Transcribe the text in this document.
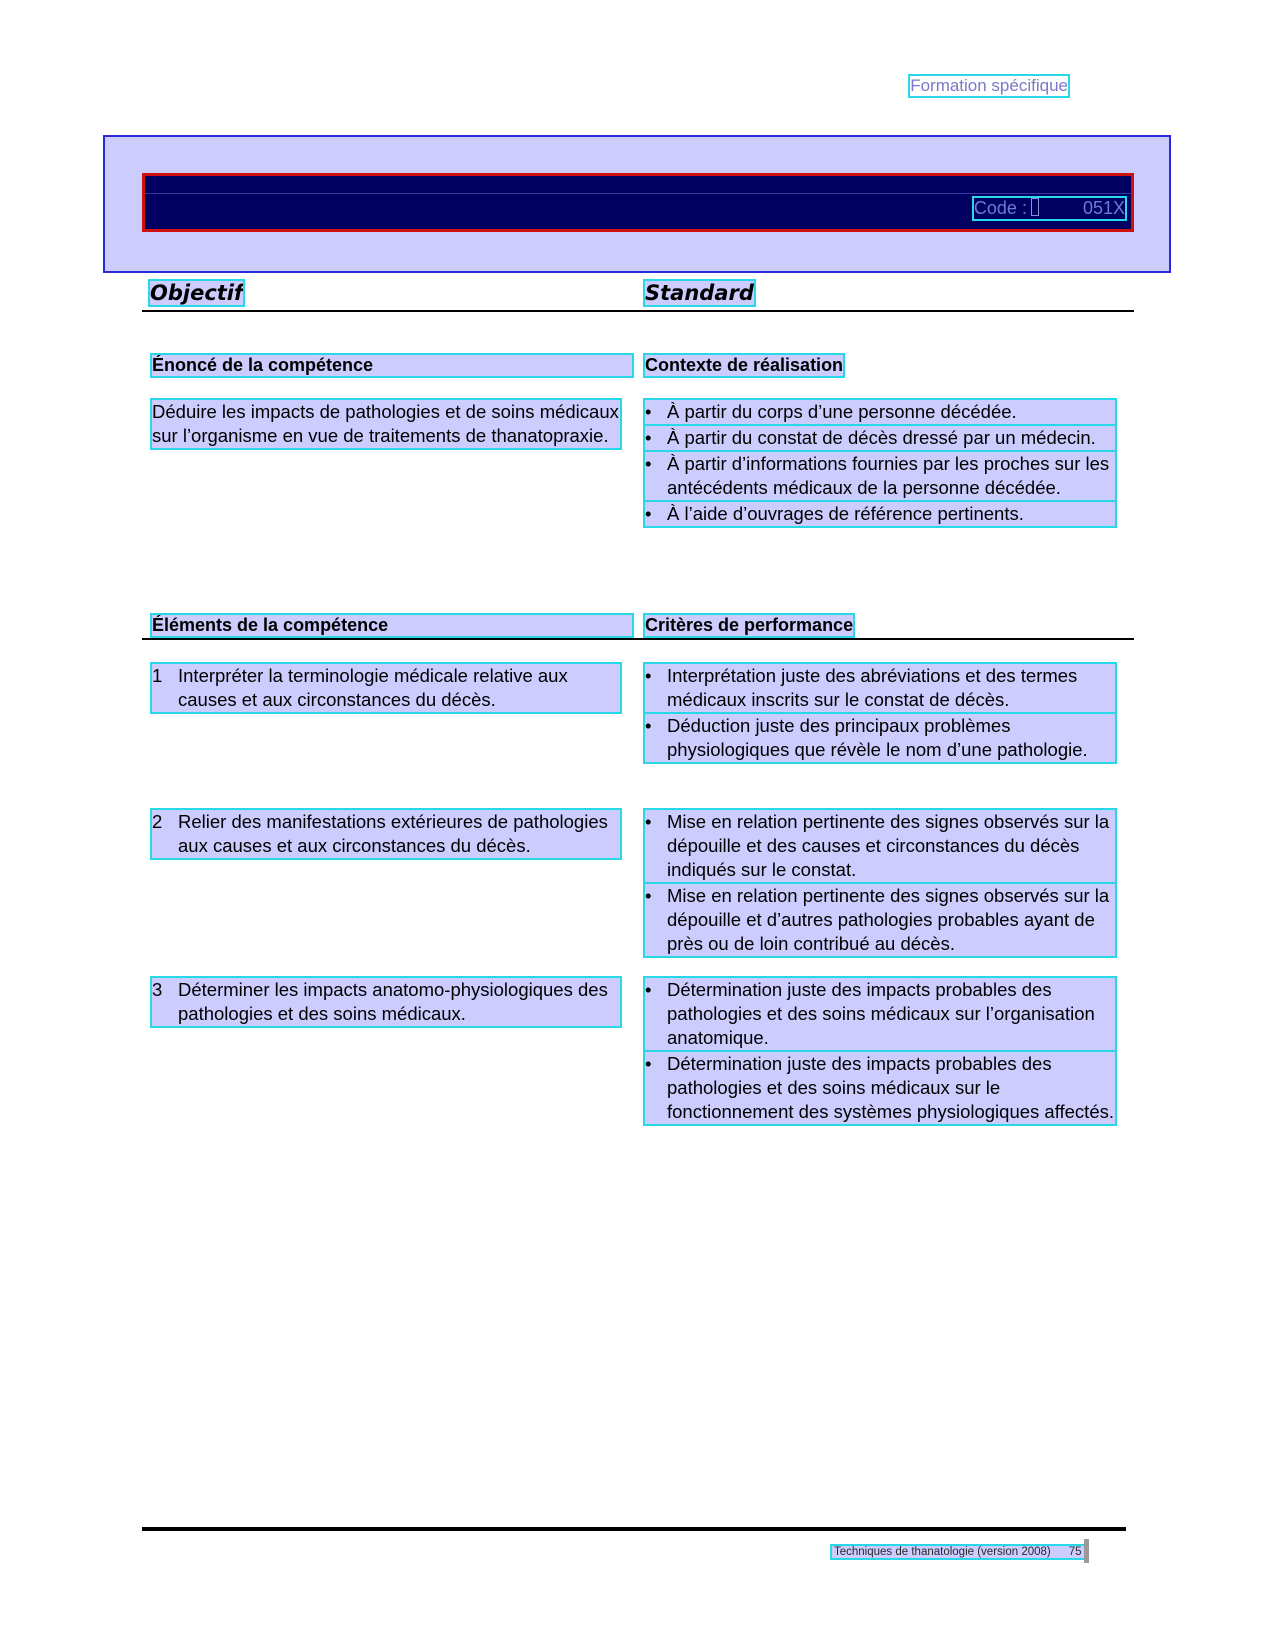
Formation spécifique
Code :	051X
Objectif	Standard
Énoncé de la compétence	Contexte de réalisation
Déduire les impacts de pathologies et de soins médicaux sur l’organisme en vue de traitements de thanatopraxie.
• À partir du corps d’une personne décédée.
• À partir du constat de décès dressé par un médecin.
• À partir d’informations fournies par les proches sur les antécédents médicaux de la personne décédée.
• À l’aide d’ouvrages de référence pertinents.
Éléments de la compétence	Critères de performance
1 Interpréter la terminologie médicale relative aux causes et aux circonstances du décès.
• Interprétation juste des abréviations et des termes médicaux inscrits sur le constat de décès.
• Déduction juste des principaux problèmes physiologiques que révèle le nom d’une pathologie.
2 Relier des manifestations extérieures de pathologies aux causes et aux circonstances du décès.
• Mise en relation pertinente des signes observés sur la dépouille et des causes et circonstances du décès indiqués sur le constat.
• Mise en relation pertinente des signes observés sur la dépouille et d’autres pathologies probables ayant de près ou de loin contribué au décès.
3 Déterminer les impacts anatomo-physiologiques des pathologies et des soins médicaux.
• Détermination juste des impacts probables des pathologies et des soins médicaux sur l’organisation anatomique.
• Détermination juste des impacts probables des pathologies et des soins médicaux sur le fonctionnement des systèmes physiologiques affectés.
Techniques de thanatologie (version 2008) 75
